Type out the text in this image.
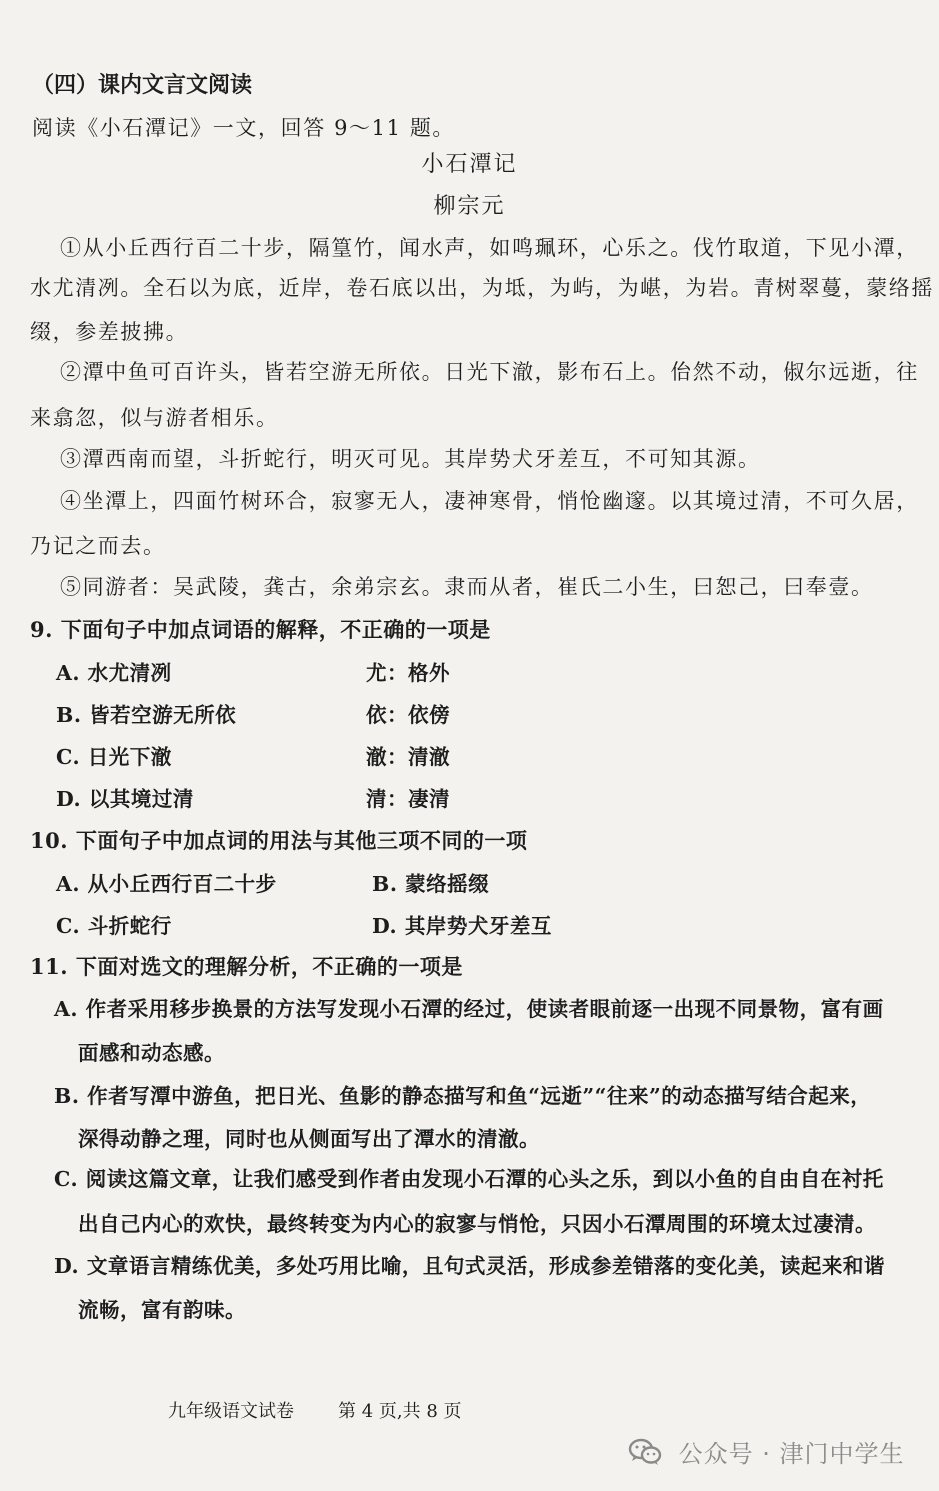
（四）课内文言文阅读
阅读《小石潭记》一文，回答 9～11 题。
小石潭记
柳宗元
①从小丘西行百二十步，隔篁竹，闻水声，如鸣珮环，心乐之。伐竹取道，下见小潭，
水尤清冽。全石以为底，近岸，卷石底以出，为坻，为屿，为嵁，为岩。青树翠蔓，蒙络摇
缀，参差披拂。
②潭中鱼可百许头，皆若空游无所依。日光下澈，影布石上。佁然不动，俶尔远逝，往
来翕忽，似与游者相乐。
③潭西南而望，斗折蛇行，明灭可见。其岸势犬牙差互，不可知其源。
④坐潭上，四面竹树环合，寂寥无人，凄神寒骨，悄怆幽邃。以其境过清，不可久居，
乃记之而去。
⑤同游者：吴武陵，龚古，余弟宗玄。隶而从者，崔氏二小生，曰恕己，曰奉壹。
9. 下面句子中加点词语的解释，不正确的一项是
A. 水尤清冽	尤：格外
B. 皆若空游无所依	依：依傍
C. 日光下澈	澈：清澈
D. 以其境过清	清：凄清
10. 下面句子中加点词的用法与其他三项不同的一项
A. 从小丘西行百二十步	B. 蒙络摇缀
C. 斗折蛇行	D. 其岸势犬牙差互
11. 下面对选文的理解分析，不正确的一项是
A. 作者采用移步换景的方法写发现小石潭的经过，使读者眼前逐一出现不同景物，富有画
面感和动态感。
B. 作者写潭中游鱼，把日光、鱼影的静态描写和鱼“远逝”“往来”的动态描写结合起来，
深得动静之理，同时也从侧面写出了潭水的清澈。
C. 阅读这篇文章，让我们感受到作者由发现小石潭的心头之乐，到以小鱼的自由自在衬托
出自己内心的欢快，最终转变为内心的寂寥与悄怆，只因小石潭周围的环境太过凄清。
D. 文章语言精练优美，多处巧用比喻，且句式灵活，形成参差错落的变化美，读起来和谐
流畅，富有韵味。
九年级语文试卷 第 4 页,共 8 页
公众号 · 津门中学生
